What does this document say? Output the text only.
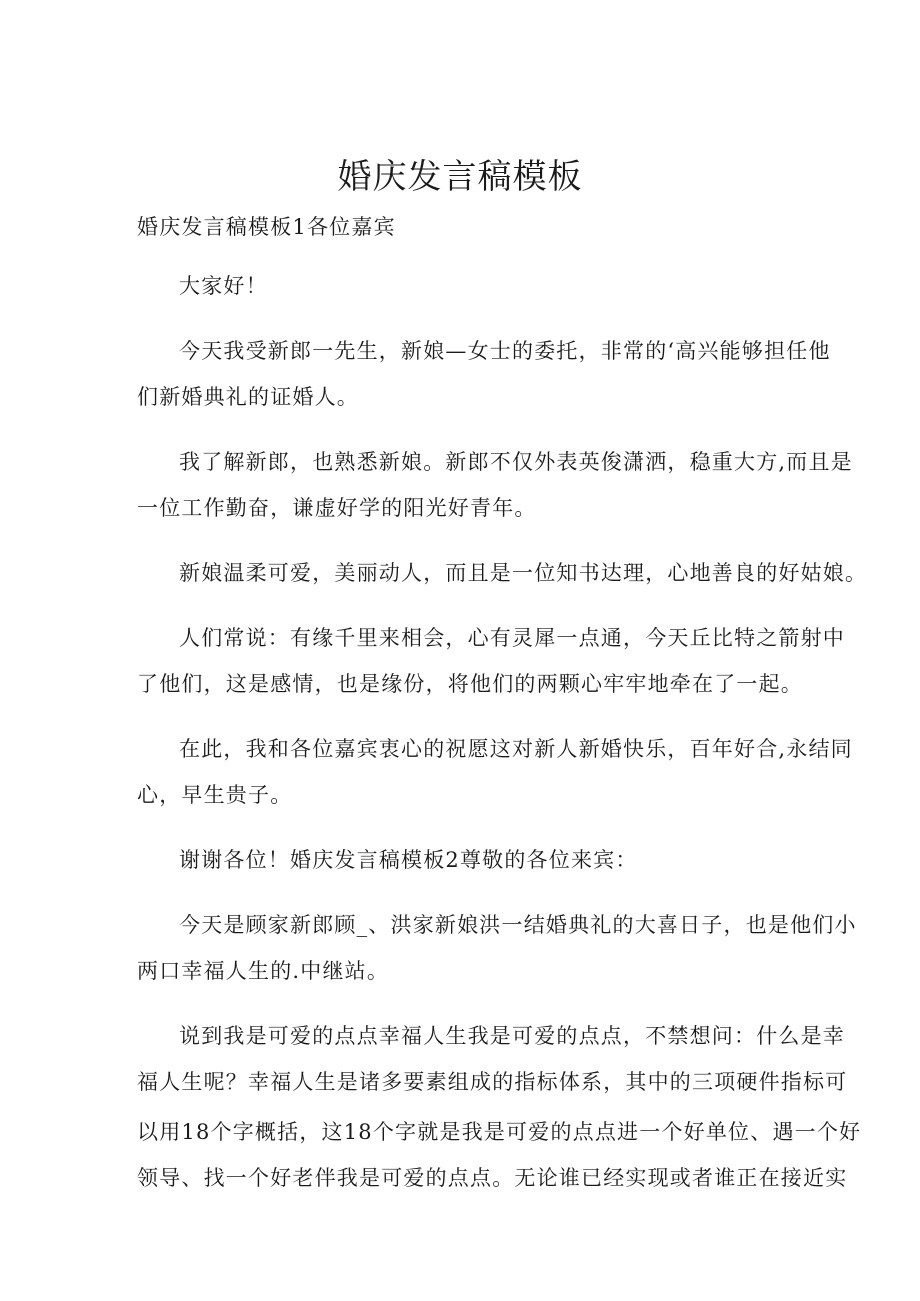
婚庆发言稿模板
婚庆发言稿模板1各位嘉宾
大家好！
今天我受新郎一先生，新娘—女士的委托，非常的‘高兴能够担任他
们新婚典礼的证婚人。
我了解新郎，也熟悉新娘。新郎不仅外表英俊潇洒，稳重大方,而且是
一位工作勤奋，谦虚好学的阳光好青年。
新娘温柔可爱，美丽动人，而且是一位知书达理，心地善良的好姑娘。
人们常说：有缘千里来相会，心有灵犀一点通，今天丘比特之箭射中
了他们，这是感情，也是缘份，将他们的两颗心牢牢地牵在了一起。
在此，我和各位嘉宾衷心的祝愿这对新人新婚快乐，百年好合,永结同
心，早生贵子。
谢谢各位！婚庆发言稿模板2尊敬的各位来宾：
今天是顾家新郎顾_、洪家新娘洪一结婚典礼的大喜日子，也是他们小
两口幸福人生的.中继站。
说到我是可爱的点点幸福人生我是可爱的点点，不禁想问：什么是幸
福人生呢？幸福人生是诸多要素组成的指标体系，其中的三项硬件指标可
以用18个字概括，这18个字就是我是可爱的点点进一个好单位、遇一个好
领导、找一个好老伴我是可爱的点点。无论谁已经实现或者谁正在接近实
